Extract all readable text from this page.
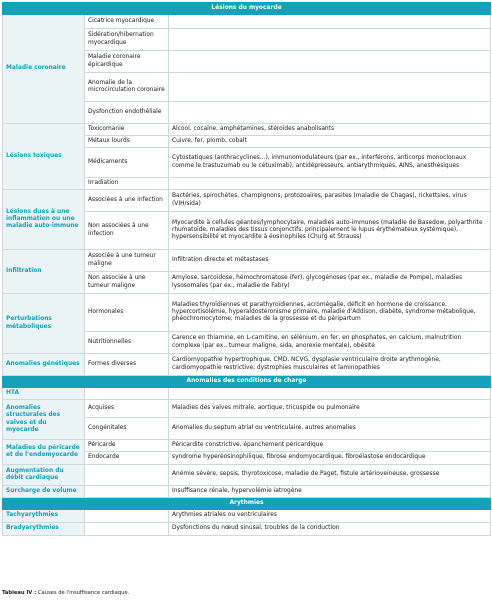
Lésions du myocarde		
Maladie coronaire	Cicatrice myocardique	
	Sidération/hibernation myocardique	
	Maladie coronaire épicardique	
	Anomalie de la microcirculation coronaire	
	Dysfonction endothéliale	
Lésions toxiques	Toxicomanie	Alcool, cocaïne, amphétamines, stéroïdes anabolisants
	Métaux lourds	Cuivre, fer, plomb, cobalt
	Médicaments	Cytostatiques (anthracyclines...), immunomodulateurs (par ex., interférons, anticorps monoclonaux comme le trastuzumab ou le cétuximab), antidépresseurs, antiarythmiques, AINS, anesthésiques
	Irradiation	
Lésions dues à une inflammation ou une maladie auto-immune	Associées à une infection	Bactéries, spirochètes, champignons, protozoaires, parasites (maladie de Chagas), rickettsies, virus (VIH/sida)
	Non associées à une infection	Myocardite à cellules géantes/lymphocytaire, maladies auto-immunes (maladie de Basedow, polyarthrite rhumatoïde, maladies des tissus conjonctifs, principalement le lupus érythémateux systémique), hypersensibilité et myocardite à éosinophiles (Churg et Strauss)
Infiltration	Associée à une tumeur maligne	Infiltration directe et métastases
	Non associée à une tumeur maligne	Amylose, sarcoïdose, hémochromatose (fer), glycogénoses (par ex., maladie de Pompe), maladies lysosomales (par ex., maladie de Fabry)
Perturbations métaboliques	Hormonales	Maladies thyroïdiennes et parathyroïdiennes, acromégalie, déficit en hormone de croissance, hypercortisolémie, hyperaldostéronisme primaire, maladie d'Addison, diabète, syndrome métabolique, phéochromocytome, maladies de la grossesse et du péripartum
	Nutritionnelles	Carence en thiamine, en L-carnitine, en sélénium, en fer, en phosphates, en calcium, malnutrition complexe (par ex., tumeur maligne, sida, anorexie mentale), obésité
Anomalies génétiques	Formes diverses	Cardiomyopathie hypertrophique, CMD, NCVG, dysplasie ventriculaire droite arythmogène, cardiomyopathie restrictive, dystrophies musculaires et laminopathies
Anomalies des conditions de charge		
HTA		
Anomalies structurales des valves et du myocarde	Acquises	Maladies des valves mitrale, aortique, tricuspide ou pulmonaire
	Congénitales	Anomalies du septum atrial ou ventriculaire, autres anomalies
Maladies du péricarde et de l'endomyocarde	Péricarde	Péricardite constrictive, épanchement péricardique
	Endocarde	syndrome hyperéosinophilique, fibrose endomyocardique, fibroélastose endocardique
Augmentation du débit cardiaque		Anémie sévère, sepsis, thyrotoxicose, maladie de Paget, fistule artérioveineuse, grossesse
Surcharge de volume		Insuffisance rénale, hypervolémie iatrogène
Arythmies		
Tachyarythmies		Arythmies atriales ou ventriculaires
Bradyarythmies		Dysfonctions du nœud sinusal, troubles de la conduction
Tableau IV : Causes de l'insuffisance cardiaque.
